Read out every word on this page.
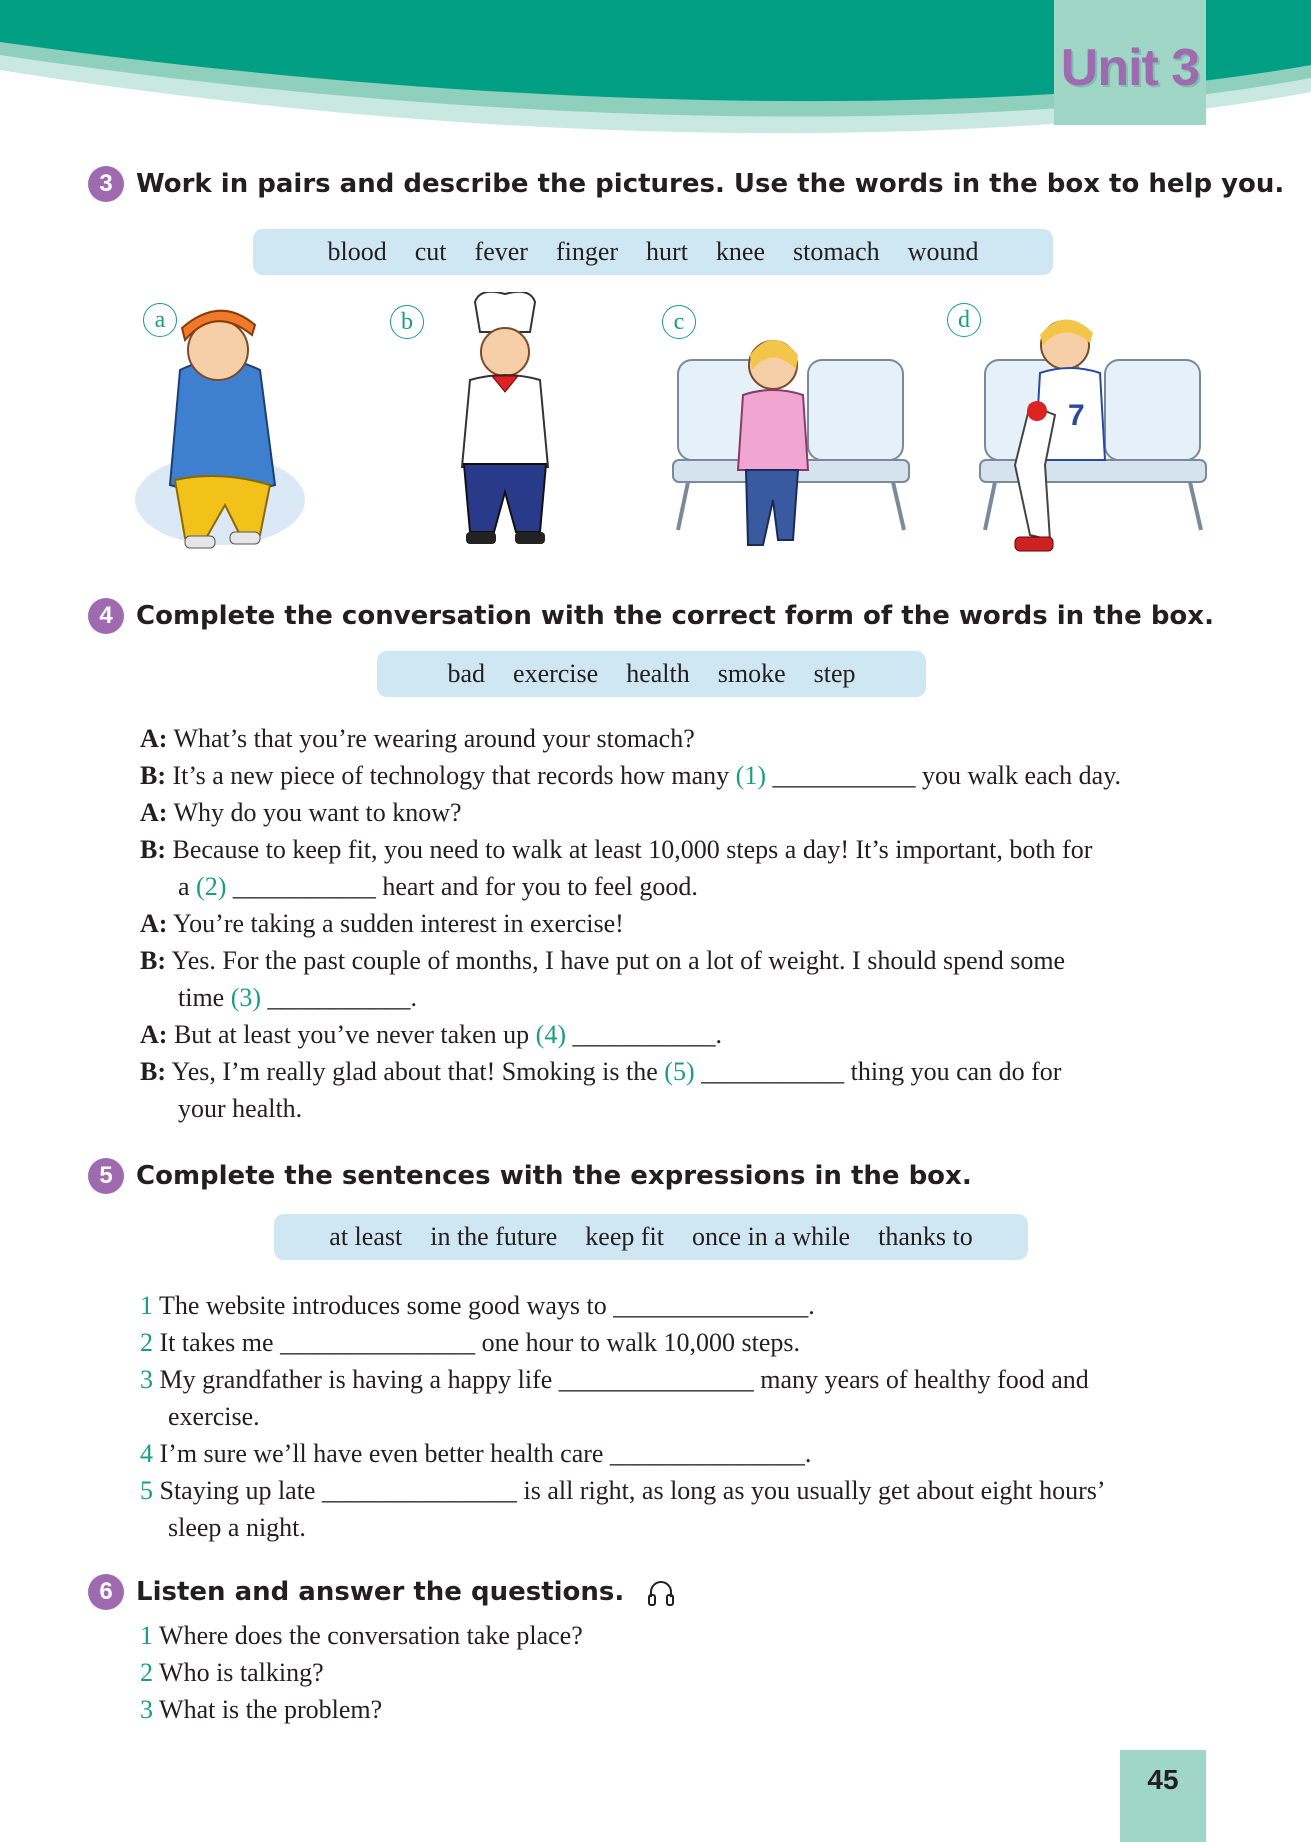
Unit 3
3 Work in pairs and describe the pictures. Use the words in the box to help you.
blood cut fever finger hurt knee stomach wound
a	b	c	d
7
4 Complete the conversation with the correct form of the words in the box.
bad exercise health smoke step
A: What’s that you’re wearing around your stomach?
B: It’s a new piece of technology that records how many (1) ___________ you walk each day.
A: Why do you want to know?
B: Because to keep fit, you need to walk at least 10,000 steps a day! It’s important, both for
a (2) ___________ heart and for you to feel good.
A: You’re taking a sudden interest in exercise!
B: Yes. For the past couple of months, I have put on a lot of weight. I should spend some
time (3) ___________.
A: But at least you’ve never taken up (4) ___________.
B: Yes, I’m really glad about that! Smoking is the (5) ___________ thing you can do for
your health.
5 Complete the sentences with the expressions in the box.
at least in the future keep fit once in a while thanks to
1 The website introduces some good ways to _______________.
2 It takes me _______________ one hour to walk 10,000 steps.
3 My grandfather is having a happy life _______________ many years of healthy food and
exercise.
4 I’m sure we’ll have even better health care _______________.
5 Staying up late _______________ is all right, as long as you usually get about eight hours’
sleep a night.
6 Listen and answer the questions.
1 Where does the conversation take place?
2 Who is talking?
3 What is the problem?
45
